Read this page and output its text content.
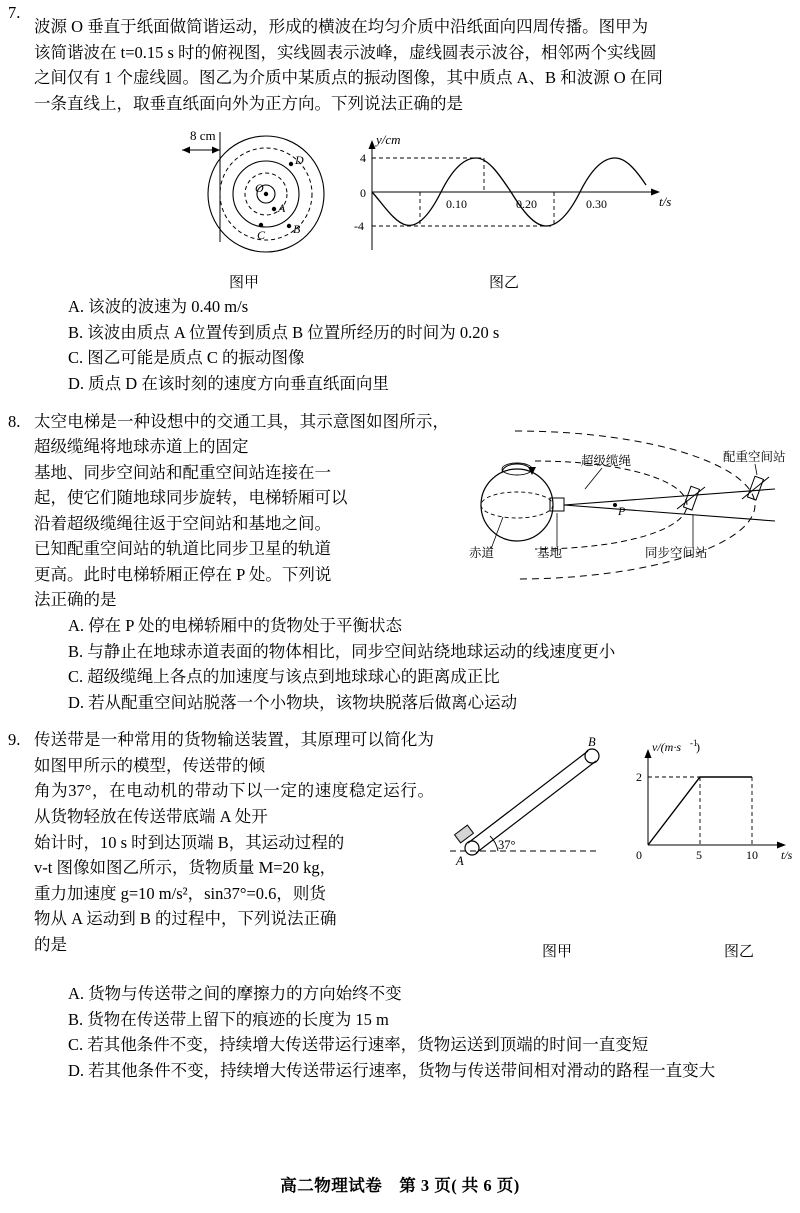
7.
波源 O 垂直于纸面做简谐运动，形成的横波在均匀介质中沿纸面向四周传播。图甲为
该简谐波在 t=0.15 s 时的俯视图，实线圆表示波峰，虚线圆表示波谷，相邻两个实线圆
之间仅有 1 个虚线圆。图乙为介质中某质点的振动图像，其中质点 A、B 和波源 O 在同
一条直线上，取垂直纸面向外为正方向。下列说法正确的是
8 cm
O
D
A
B
C
y/cm
t/s
4
0
-4
0.10	0.20	0.30
图甲	图乙
A. 该波的波速为 0.40 m/s
B. 该波由质点 A 位置传到质点 B 位置所经历的时间为 0.20 s
C. 图乙可能是质点 C 的振动图像
D. 质点 D 在该时刻的速度方向垂直纸面向里
8.
P
超级缆绳	配重空间站
赤道	基地	同步空间站
太空电梯是一种设想中的交通工具，其示意图如图所示，超级缆绳将地球赤道上的固定
基地、同步空间站和配重空间站连接在一
起，使它们随地球同步旋转，电梯轿厢可以
沿着超级缆绳往返于空间站和基地之间。
已知配重空间站的轨道比同步卫星的轨道
更高。此时电梯轿厢正停在 P 处。下列说
法正确的是
A. 停在 P 处的电梯轿厢中的货物处于平衡状态
B. 与静止在地球赤道表面的物体相比，同步空间站绕地球运动的线速度更小
C. 超级缆绳上各点的加速度与该点到地球球心的距离成正比
D. 若从配重空间站脱落一个小物块，该物块脱落后做离心运动
9.
37°
A
B	v/(m·s -1
)
t/s
2
0	5	10
传送带是一种常用的货物输送装置，其原理可以简化为如图甲所示的模型，传送带的倾
角为37°，在电动机的带动下以一定的速度稳定运行。从货物轻放在传送带底端 A 处开
始计时，10 s 时到达顶端 B，其运动过程的
v-t 图像如图乙所示，货物质量 M=20 kg，
重力加速度 g=10 m/s²，sin37°=0.6，则货
物从 A 运动到 B 的过程中，下列说法正确
的是	图甲	图乙
A. 货物与传送带之间的摩擦力的方向始终不变
B. 货物在传送带上留下的痕迹的长度为 15 m
C. 若其他条件不变，持续增大传送带运行速率，货物运送到顶端的时间一直变短
D. 若其他条件不变，持续增大传送带运行速率，货物与传送带间相对滑动的路程一直变大
高二物理试卷　第 3 页( 共 6 页)
